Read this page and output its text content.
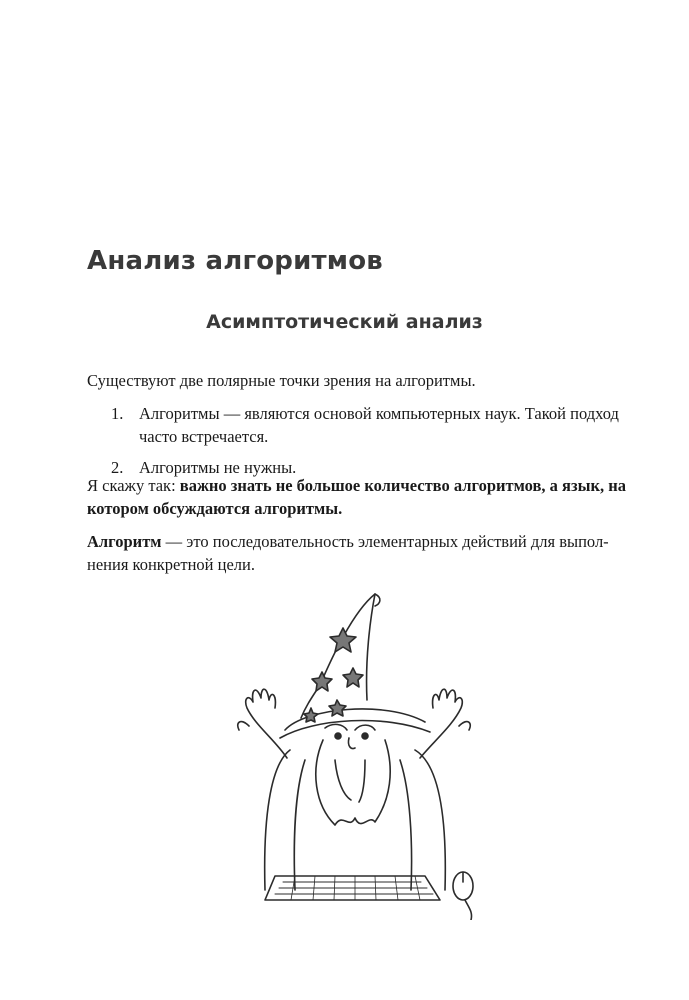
Анализ алгоритмов
Асимптотический анализ

Существуют две полярные точки зрения на алгоритмы.

1. Алгоритмы — являются основой компьютерных наук. Такой подход
часто встречается.
2. Алгоритмы не нужны.

Я скажу так: важно знать не большое количество алгоритмов, а язык, на
котором обсуждаются алгоритмы.

Алгоритм — это последовательность элементарных действий для выпол-
нения конкретной цели.
